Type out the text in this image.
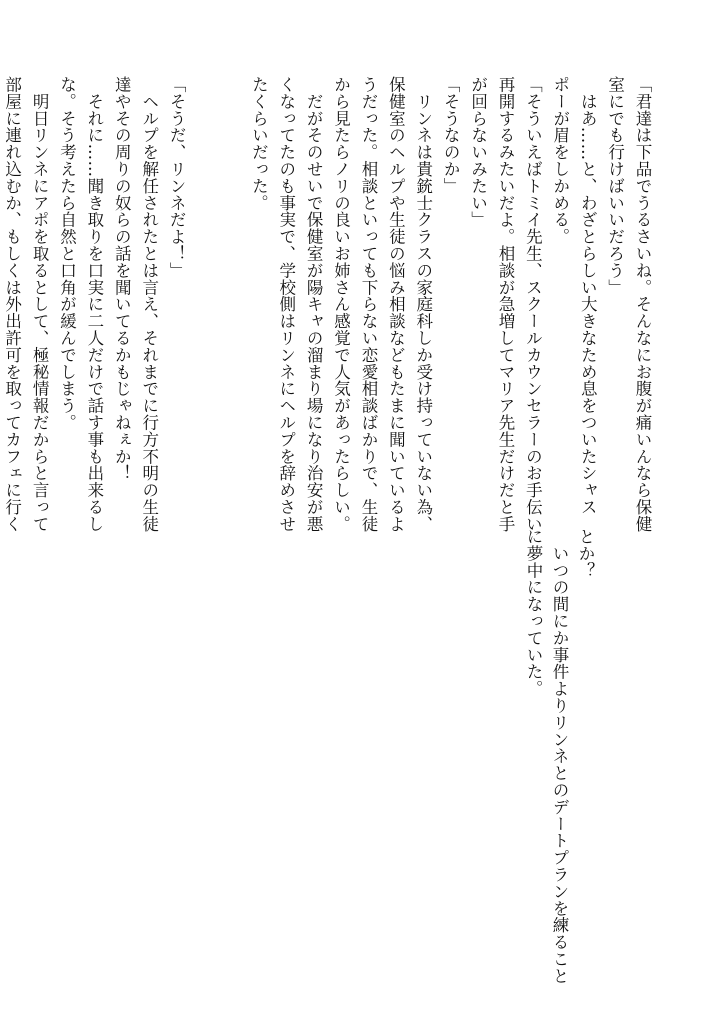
「君達は下品でうるさいね。そんなにお腹が痛いんなら保健
室にでも行けばいいだろう」
　はあ……と、わざとらしい大きなため息をついたシャス
ポーが眉をしかめる。
「そういえばトミイ先生、スクールカウンセラーのお手伝い
再開するみたいだよ。相談が急増してマリア先生だけだと手
が回らないみたい」
「そうなのか」
　リンネは貴銃士クラスの家庭科しか受け持っていない為、
保健室のヘルプや生徒の悩み相談などもたまに聞いているよ
うだった。相談といっても下らない恋愛相談ばかりで、生徒
から見たらノリの良いお姉さん感覚で人気があったらしい。
　だがそのせいで保健室が陽キャの溜まり場になり治安が悪
くなってたのも事実で、学校側はリンネにヘルプを辞めさせ
たくらいだった。

「そうだ、リンネだよ！」
　ヘルプを解任されたとは言え、それまでに行方不明の生徒
達やその周りの奴らの話を聞いてるかもじゃねぇか！
　それに……聞き取りを口実に二人だけで話す事も出来るし
な。そう考えたら自然と口角が緩んでしまう。
　明日リンネにアポを取るとして、極秘情報だからと言って
部屋に連れ込むか、もしくは外出許可を取ってカフェに行く
とか？
　いつの間にか事件よりリンネとのデートプランを練ること
に夢中になっていた。
